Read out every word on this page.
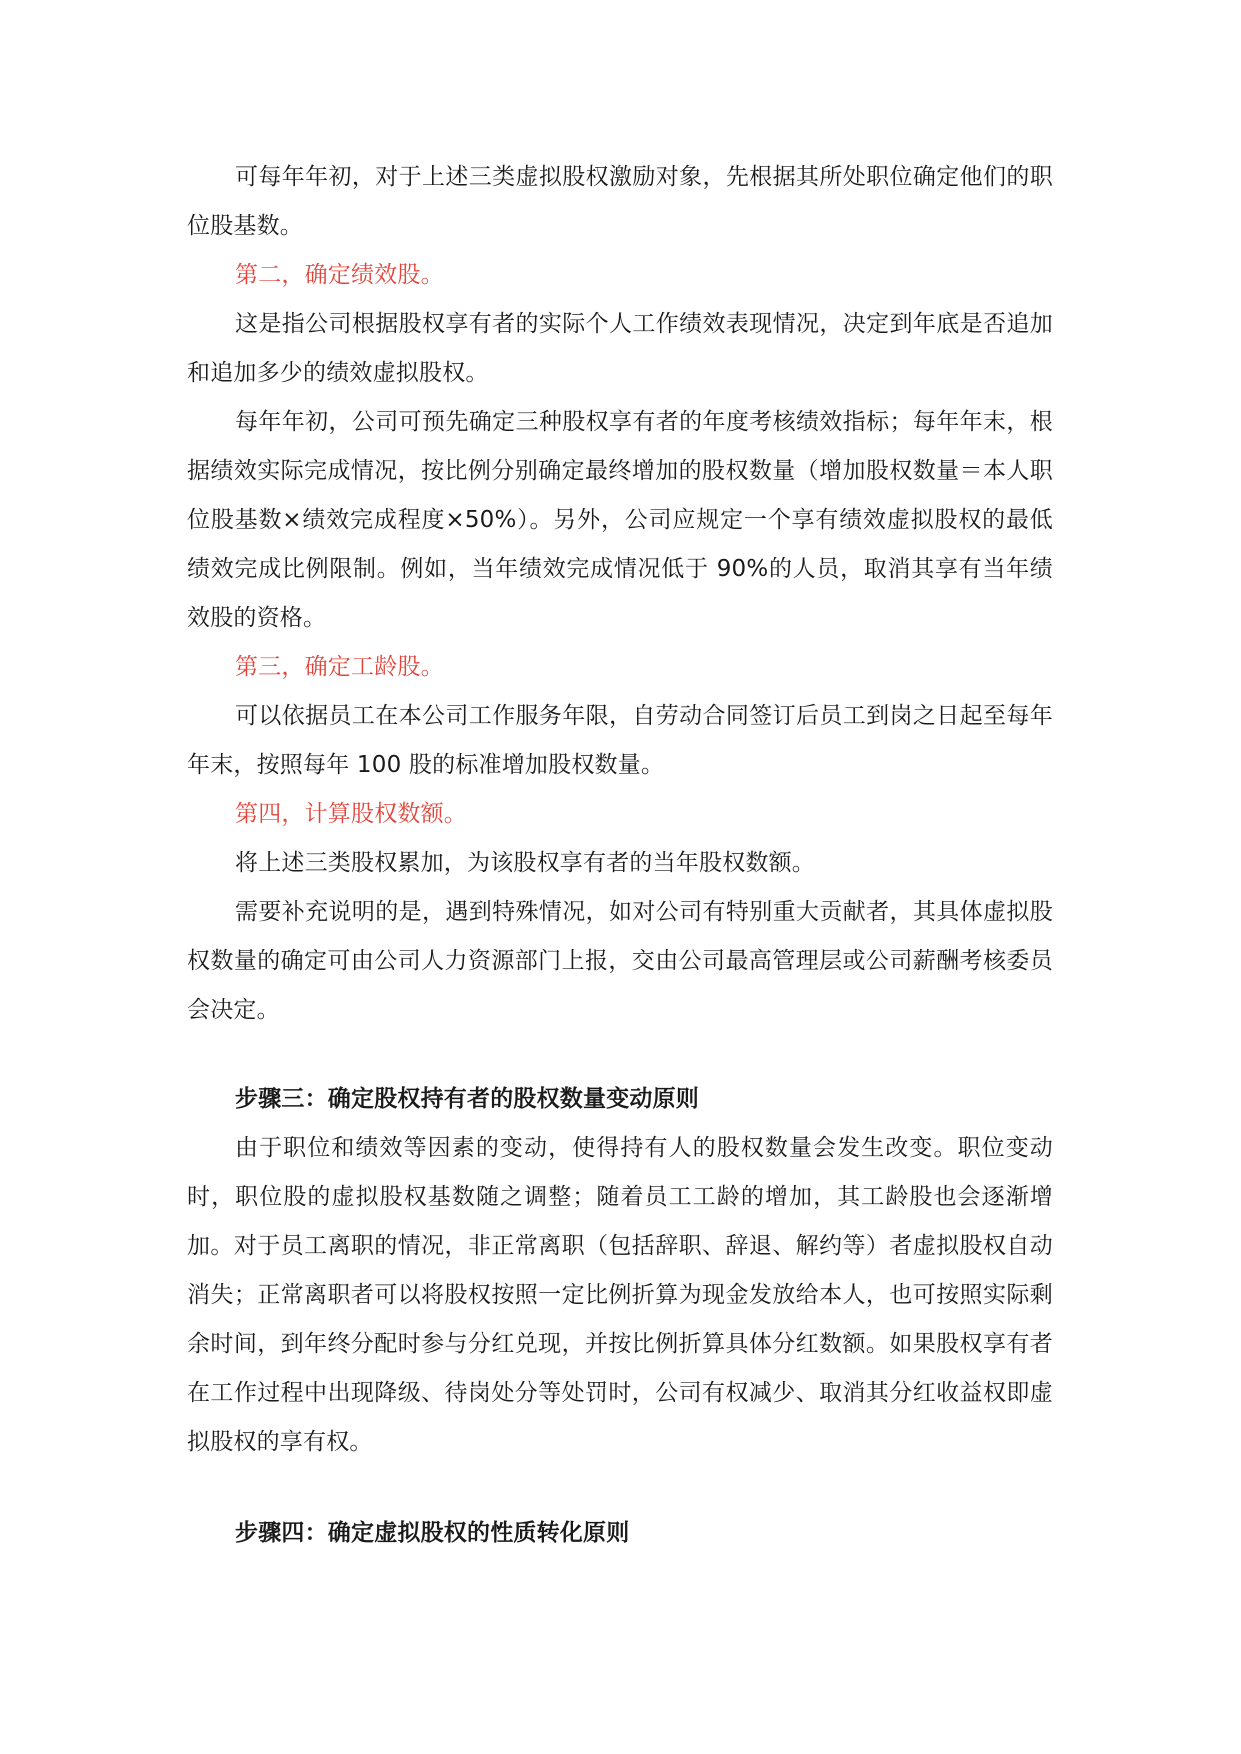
可每年年初，对于上述三类虚拟股权激励对象，先根据其所处职位确定他们的职位股基数。

第二，确定绩效股。

这是指公司根据股权享有者的实际个人工作绩效表现情况，决定到年底是否追加和追加多少的绩效虚拟股权。

每年年初，公司可预先确定三种股权享有者的年度考核绩效指标；每年年末，根据绩效实际完成情况，按比例分别确定最终增加的股权数量（增加股权数量＝本人职位股基数×绩效完成程度×50%）。另外，公司应规定一个享有绩效虚拟股权的最低绩效完成比例限制。例如，当年绩效完成情况低于 90%的人员，取消其享有当年绩效股的资格。

第三，确定工龄股。

可以依据员工在本公司工作服务年限，自劳动合同签订后员工到岗之日起至每年年末，按照每年 100 股的标准增加股权数量。

第四，计算股权数额。

将上述三类股权累加，为该股权享有者的当年股权数额。

需要补充说明的是，遇到特殊情况，如对公司有特别重大贡献者，其具体虚拟股权数量的确定可由公司人力资源部门上报，交由公司最高管理层或公司薪酬考核委员会决定。

步骤三：确定股权持有者的股权数量变动原则

由于职位和绩效等因素的变动，使得持有人的股权数量会发生改变。职位变动时，职位股的虚拟股权基数随之调整；随着员工工龄的增加，其工龄股也会逐渐增加。对于员工离职的情况，非正常离职（包括辞职、辞退、解约等）者虚拟股权自动消失；正常离职者可以将股权按照一定比例折算为现金发放给本人，也可按照实际剩余时间，到年终分配时参与分红兑现，并按比例折算具体分红数额。如果股权享有者在工作过程中出现降级、待岗处分等处罚时，公司有权减少、取消其分红收益权即虚拟股权的享有权。

步骤四：确定虚拟股权的性质转化原则
